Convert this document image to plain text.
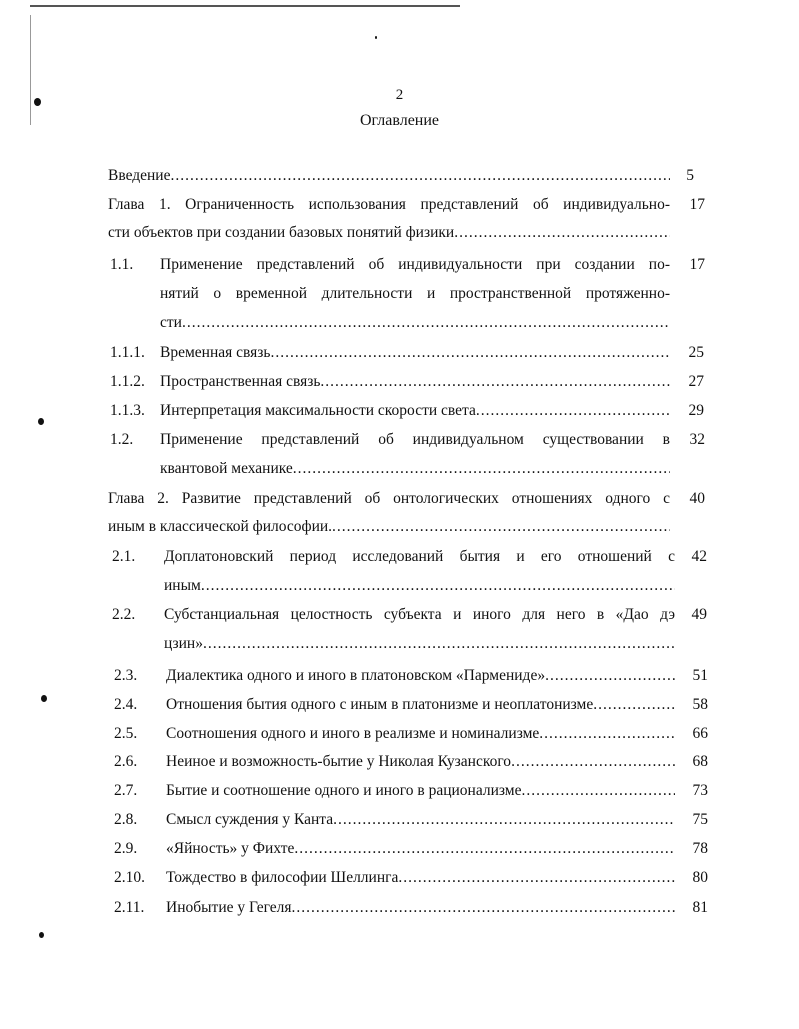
2
Оглавление
Введение .....	5
Глава 1. Ограниченность использования представлений об индивидуально-	17
сти объектов при создании базовых понятий физики
.....
1.1. Применение представлений об индивидуальности при создании по-	17
нятий о временной длительности и пространственной протяженно-
сти
.....
1.1.1. Временная связь .....	25
1.1.2. Пространственная связь .....	27
1.1.3. Интерпретация максимальности скорости света .....	29
1.2. Применение представлений об индивидуальном существовании в	32
квантовой механике
.....
Глава 2. Развитие представлений об онтологических отношениях одного с	40
иным в классической философии.
.....
2.1. Доплатоновский период исследований бытия и его отношений с	42
иным
.....
2.2. Субстанциальная целостность субъекта и иного для него в «Дао дэ	49
цзин»
.....
2.3. Диалектика одного и иного в платоновском «Пармениде» .....	51
2.4. Отношения бытия одного с иным в платонизме и неоплатонизме .....	58
2.5. Соотношения одного и иного в реализме и номинализме .....	66
2.6. Неиное и возможность-бытие у Николая Кузанского .....	68
2.7. Бытие и соотношение одного и иного в рационализме .....	73
2.8. Смысл суждения у Канта .....	75
2.9. «Яйность» у Фихте .....	78
2.10. Тождество в философии Шеллинга .....	80
2.11. Инобытие у Гегеля .....	81
